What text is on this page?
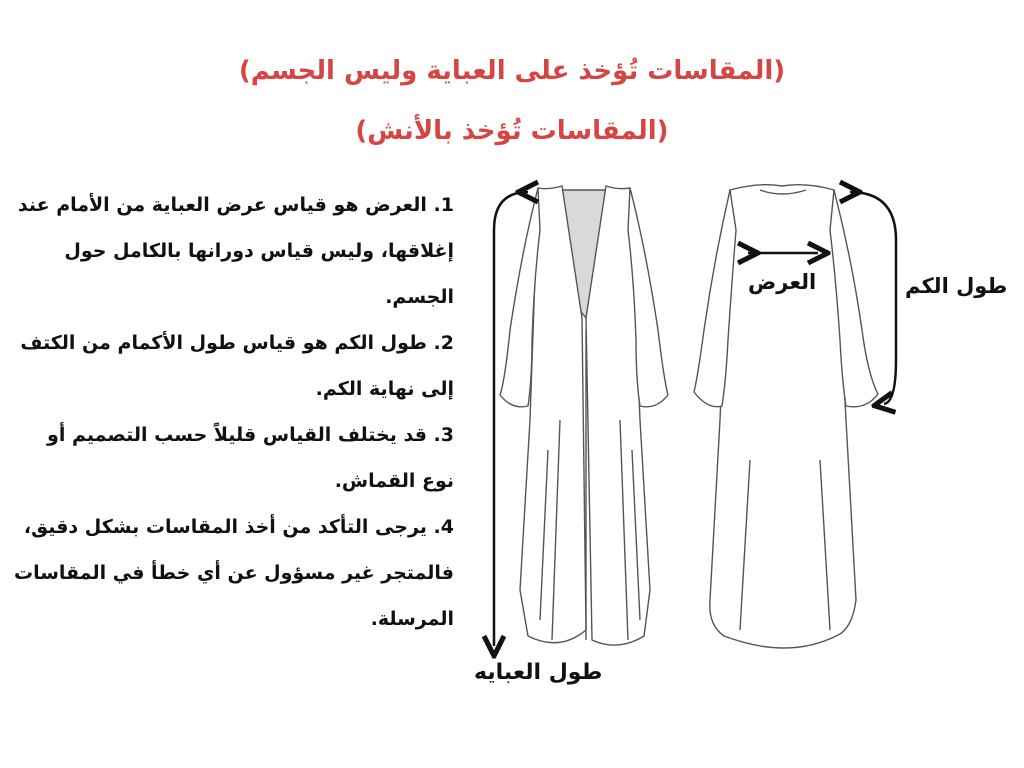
(المقاسات تُؤخذ على العباية وليس الجسم)
(المقاسات تُؤخذ بالأنش)
1. العرض هو قياس عرض العباية من الأمام عند إغلاقها، وليس قياس دورانها بالكامل حول الجسم.
2. طول الكم هو قياس طول الأكمام من الكتف إلى نهاية الكم.
3. قد يختلف القياس قليلاً حسب التصميم أو نوع القماش.
4. يرجى التأكد من أخذ المقاسات بشكل دقيق، فالمتجر غير مسؤول عن أي خطأ في المقاسات المرسلة.
العرض	طول الكم
طول العبايه
